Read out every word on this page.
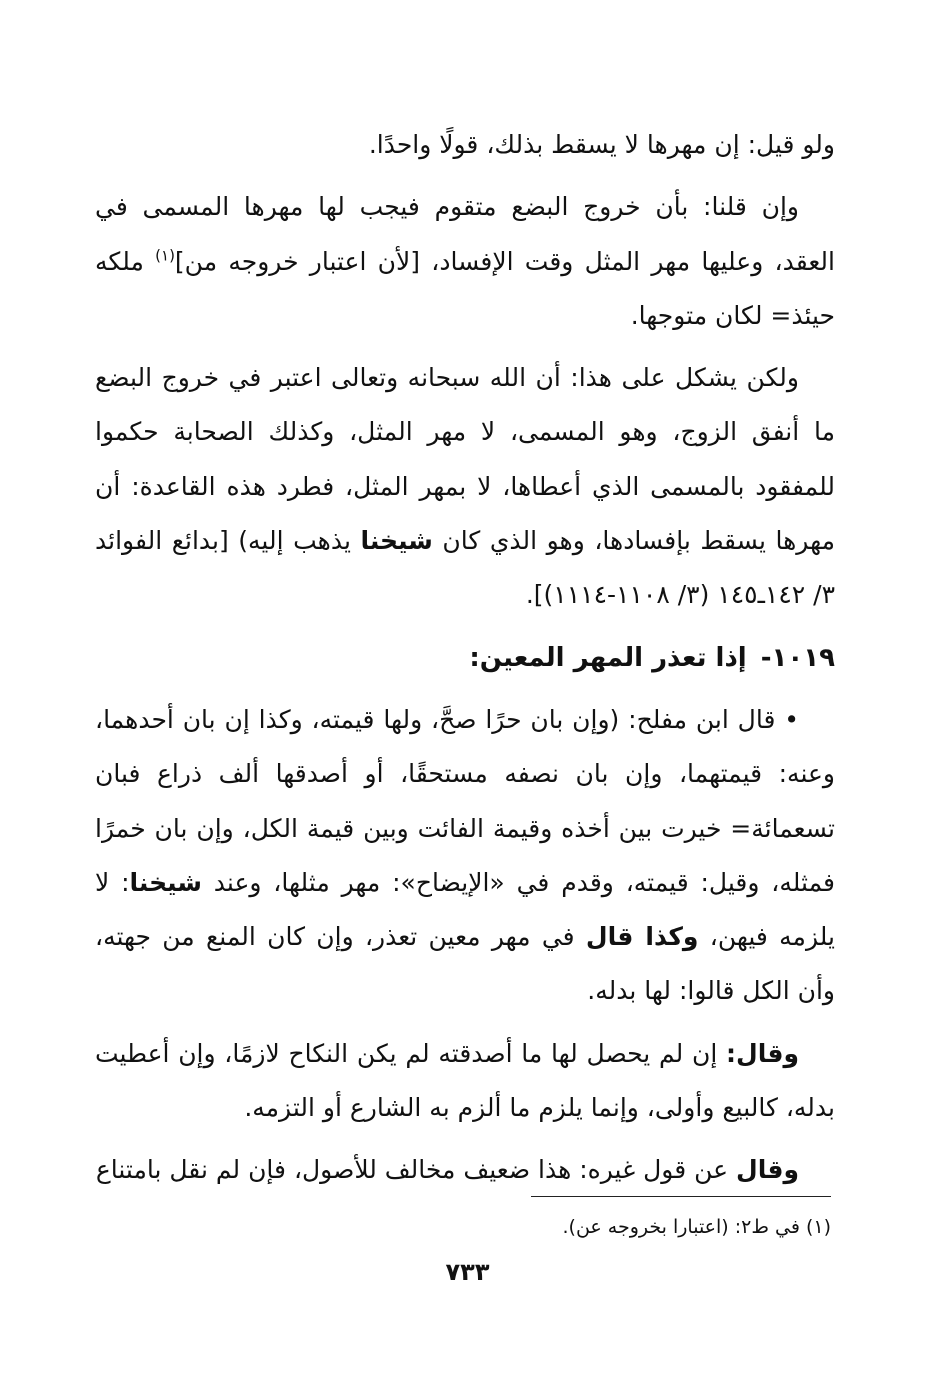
ولو قيل: إن مهرها لا يسقط بذلك، قولًا واحدًا.

وإن قلنا: بأن خروج البضع متقوم فيجب لها مهرها المسمى في العقد، وعليها مهر المثل وقت الإفساد، [لأن اعتبار خروجه من]$^{(١)}$ ملكه حيئذ= لكان متوجها.

ولكن يشكل على هذا: أن الله سبحانه وتعالى اعتبر في خروج البضع ما أنفق الزوج، وهو المسمى، لا مهر المثل، وكذلك الصحابة حكموا للمفقود بالمسمى الذي أعطاها، لا بمهر المثل، فطرد هذه القاعدة: أن مهرها يسقط بإفسادها، وهو الذي كان شيخنا يذهب إليه) [بدائع الفوائد ٣/ ١٤٢ـ١٤٥ (٣/ ١١٠٨-١١١٤)].

١٠١٩-إذا تعذر المهر المعين:

• قال ابن مفلح: (وإن بان حرًا صحَّ، ولها قيمته، وكذا إن بان أحدهما، وعنه: قيمتهما، وإن بان نصفه مستحقًا، أو أصدقها ألف ذراع فبان تسعمائة= خيرت بين أخذه وقيمة الفائت وبين قيمة الكل، وإن بان خمرًا فمثله، وقيل: قيمته، وقدم في «الإيضاح»: مهر مثلها، وعند شيخنا: لا يلزمه فيهن، وكذا قال في مهر معين تعذر، وإن كان المنع من جهته، وأن الكل قالوا: لها بدله.

وقال: إن لم يحصل لها ما أصدقته لم يكن النكاح لازمًا، وإن أعطيت بدله، كالبيع وأولى، وإنما يلزم ما ألزم به الشارع أو التزمه.

وقال عن قول غيره: هذا ضعيف مخالف للأصول، فإن لم نقل بامتناع

(١) في ط٢: (اعتبارا بخروجه عن).
٧٣٣
